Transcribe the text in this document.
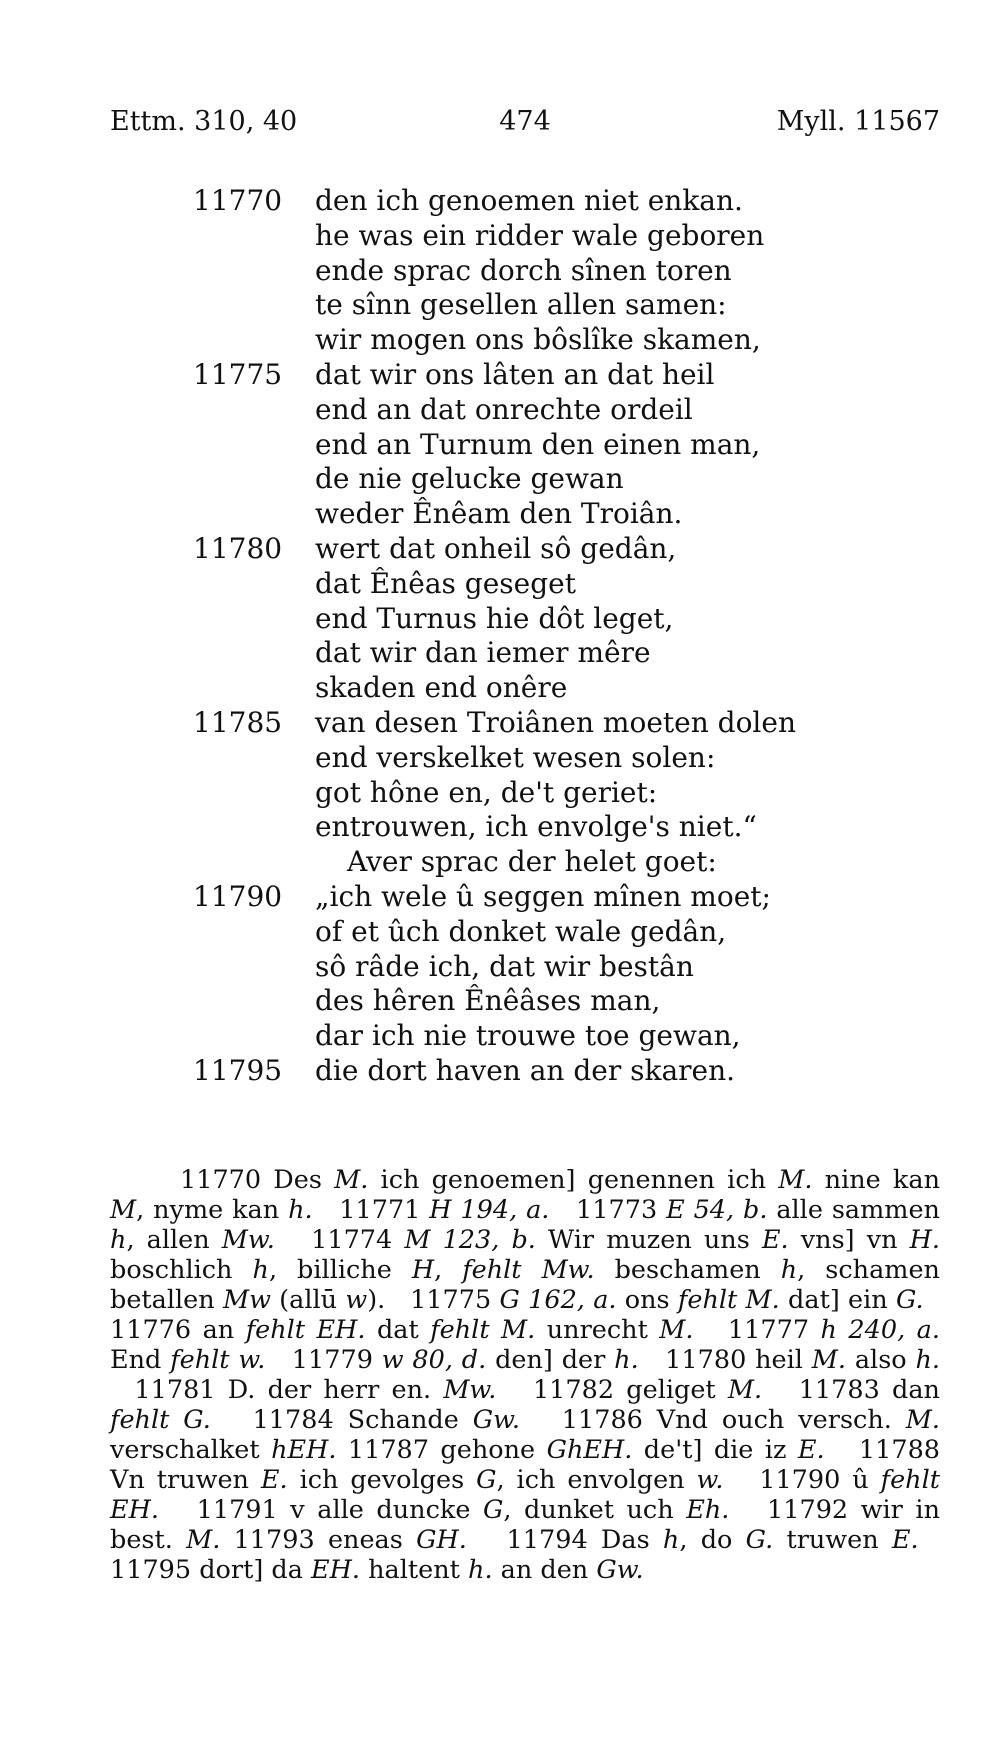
Ettm. 310, 40	474	Myll. 11567
11770	den ich genoemen niet enkan.
he was ein ridder wale geboren
ende sprac dorch sînen toren
te sînn gesellen allen samen:
wir mogen ons bôslîke skamen,
11775	dat wir ons lâten an dat heil
end an dat onrechte ordeil
end an Turnum den einen man,
de nie gelucke gewan
weder Ênêam den Troiân.
11780	wert dat onheil sô gedân,
dat Ênêas geseget
end Turnus hie dôt leget,
dat wir dan iemer mêre
skaden end onêre
11785	van desen Troiânen moeten dolen
end verskelket wesen solen:
got hône en, de't geriet:
entrouwen, ich envolge's niet.“
Aver sprac der helet goet:
11790	„ich wele û seggen mînen moet;
of et ûch donket wale gedân,
sô râde ich, dat wir bestân
des hêren Ênêâses man,
dar ich nie trouwe toe gewan,
11795	die dort haven an der skaren.

11770 Des M. ich genoemen] genennen ich M. nine kan M, nyme kan h.   11771 H 194, a.   11773 E 54, b. alle sammen h, allen Mw.   11774 M 123, b. Wir muzen uns E. vns] vn H. boschlich h, billiche H, fehlt Mw. beschamen h, schamen betallen Mw (allū w).   11775 G 162, a. ons fehlt M. dat] ein G.   11776 an fehlt EH. dat fehlt M. unrecht M.   11777 h 240, a. End fehlt w.   11779 w 80, d. den] der h.   11780 heil M. also h.   11781 D. der herr en. Mw.   11782 geliget M.   11783 dan fehlt G.   11784 Schande Gw.   11786 Vnd ouch versch. M. verschalket hEH. 11787 gehone GhEH. de't] die iz E.   11788 Vn truwen E. ich gevolges G, ich envolgen w.   11790 û fehlt EH.   11791 v alle duncke G, dunket uch Eh.   11792 wir in best. M. 11793 eneas GH.   11794 Das h, do G. truwen E.   11795 dort] da EH. haltent h. an den Gw.
